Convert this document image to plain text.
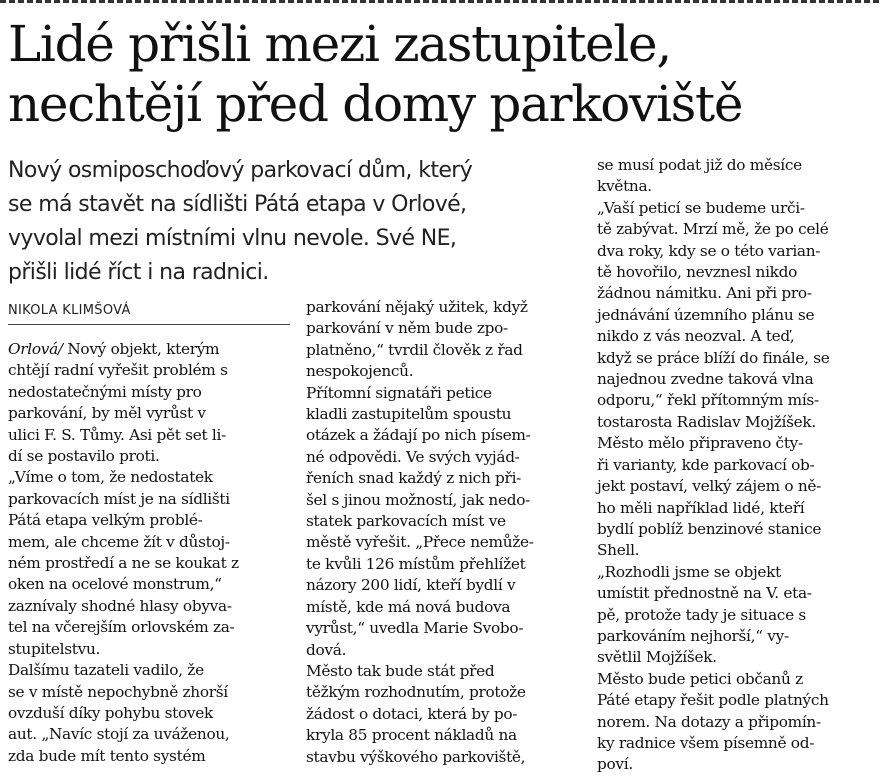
Lidé přišli mezi zastupitele,
nechtějí před domy parkoviště

Nový osmiposchoďový parkovací dům, který
se má stavět na sídlišti Pátá etapa v Orlové,
vyvolal mezi místními vlnu nevole. Své NE,
přišli lidé říct i na radnici.

NIKOLA KLIMŠOVÁ
Orlová/ Nový objekt, kterým
chtějí radní vyřešit problém s
nedostatečnými místy pro
parkování, by měl vyrůst v
ulici F. S. Tůmy. Asi pět set li-
dí se postavilo proti.
„Víme o tom, že nedostatek
parkovacích míst je na sídlišti
Pátá etapa velkým problé-
mem, ale chceme žít v důstoj-
ném prostředí a ne se koukat z
oken na ocelové monstrum,“
zaznívaly shodné hlasy obyva-
tel na včerejším orlovském za-
stupitelstvu.
Dalšímu tazateli vadilo, že
se v místě nepochybně zhorší
ovzduší díky pohybu stovek
aut. „Navíc stojí za uváženou,
zda bude mít tento systém
parkování nějaký užitek, když
parkování v něm bude zpo-
platněno,“ tvrdil člověk z řad
nespokojenců.
Přítomní signatáři petice
kladli zastupitelům spoustu
otázek a žádají po nich písem-
né odpovědi. Ve svých vyjád-
řeních snad každý z nich při-
šel s jinou možností, jak nedo-
statek parkovacích míst ve
městě vyřešit. „Přece nemůže-
te kvůli 126 místům přehlížet
názory 200 lidí, kteří bydlí v
místě, kde má nová budova
vyrůst,“ uvedla Marie Svobo-
dová.
Město tak bude stát před
těžkým rozhodnutím, protože
žádost o dotaci, která by po-
kryla 85 procent nákladů na
stavbu výškového parkoviště,
se musí podat již do měsíce
května.
„Vaší peticí se budeme urči-
tě zabývat. Mrzí mě, že po celé
dva roky, kdy se o této varian-
tě hovořilo, nevznesl nikdo
žádnou námitku. Ani při pro-
jednávání územního plánu se
nikdo z vás neozval. A teď,
když se práce blíží do finále, se
najednou zvedne taková vlna
odporu,“ řekl přítomným mís-
tostarosta Radislav Mojžíšek.
Město mělo připraveno čty-
ři varianty, kde parkovací ob-
jekt postaví, velký zájem o ně-
ho měli například lidé, kteří
bydlí poblíž benzinové stanice
Shell.
„Rozhodli jsme se objekt
umístit přednostně na V. eta-
pě, protože tady je situace s
parkováním nejhorší,“ vy-
světlil Mojžíšek.
Město bude petici občanů z
Páté etapy řešit podle platných
norem. Na dotazy a připomín-
ky radnice všem písemně od-
poví.
